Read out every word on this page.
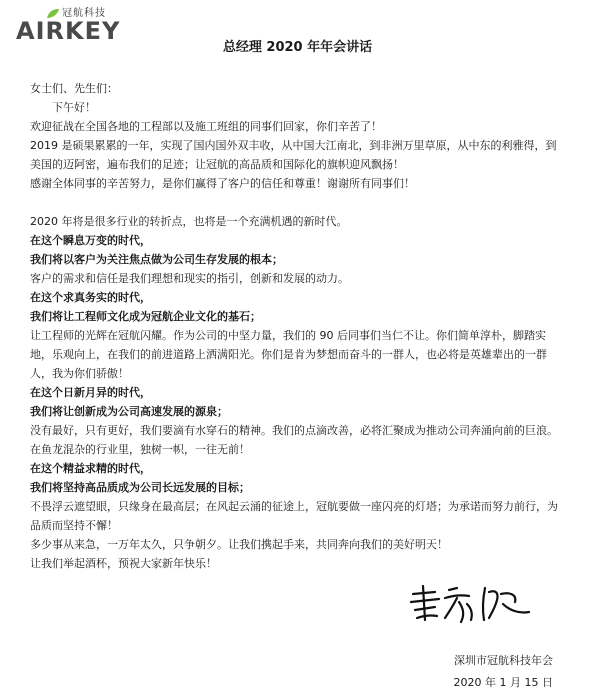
冠航科技
AIRKEY
总经理 2020 年年会讲话
女士们、先生们：
下午好！
欢迎征战在全国各地的工程部以及施工班组的同事们回家，你们辛苦了！
2019 是硕果累累的一年，实现了国内国外双丰收，从中国大江南北，到非洲万里草原，从中东的利雅得，到美国的迈阿密，遍布我们的足迹；让冠航的高品质和国际化的旗帜迎风飘扬！
感谢全体同事的辛苦努力，是你们赢得了客户的信任和尊重！谢谢所有同事们！
2020 年将是很多行业的转折点，也将是一个充满机遇的新时代。
在这个瞬息万变的时代，
我们将以客户为关注焦点做为公司生存发展的根本；
客户的需求和信任是我们理想和现实的指引，创新和发展的动力。
在这个求真务实的时代，
我们将让工程师文化成为冠航企业文化的基石；
让工程师的光辉在冠航闪耀。作为公司的中坚力量，我们的 90 后同事们当仁不让。你们简单淳朴，脚踏实地，乐观向上，在我们的前进道路上洒满阳光。你们是肯为梦想而奋斗的一群人，也必将是英雄辈出的一群人，我为你们骄傲！
在这个日新月异的时代，
我们将让创新成为公司高速发展的源泉；
没有最好，只有更好，我们要滴有水穿石的精神。我们的点滴改善，必将汇聚成为推动公司奔涌向前的巨浪。在鱼龙混杂的行业里，独树一帜，一往无前！
在这个精益求精的时代，
我们将坚持高品质成为公司长远发展的目标；
不畏浮云遮望眼，只缘身在最高层；在风起云涌的征途上，冠航要做一座闪亮的灯塔；为承诺而努力前行，为品质而坚持不懈！
多少事从来急，一万年太久，只争朝夕。让我们携起手来，共同奔向我们的美好明天！
让我们举起酒杯，预祝大家新年快乐！
深圳市冠航科技年会
2020 年 1 月 15 日
